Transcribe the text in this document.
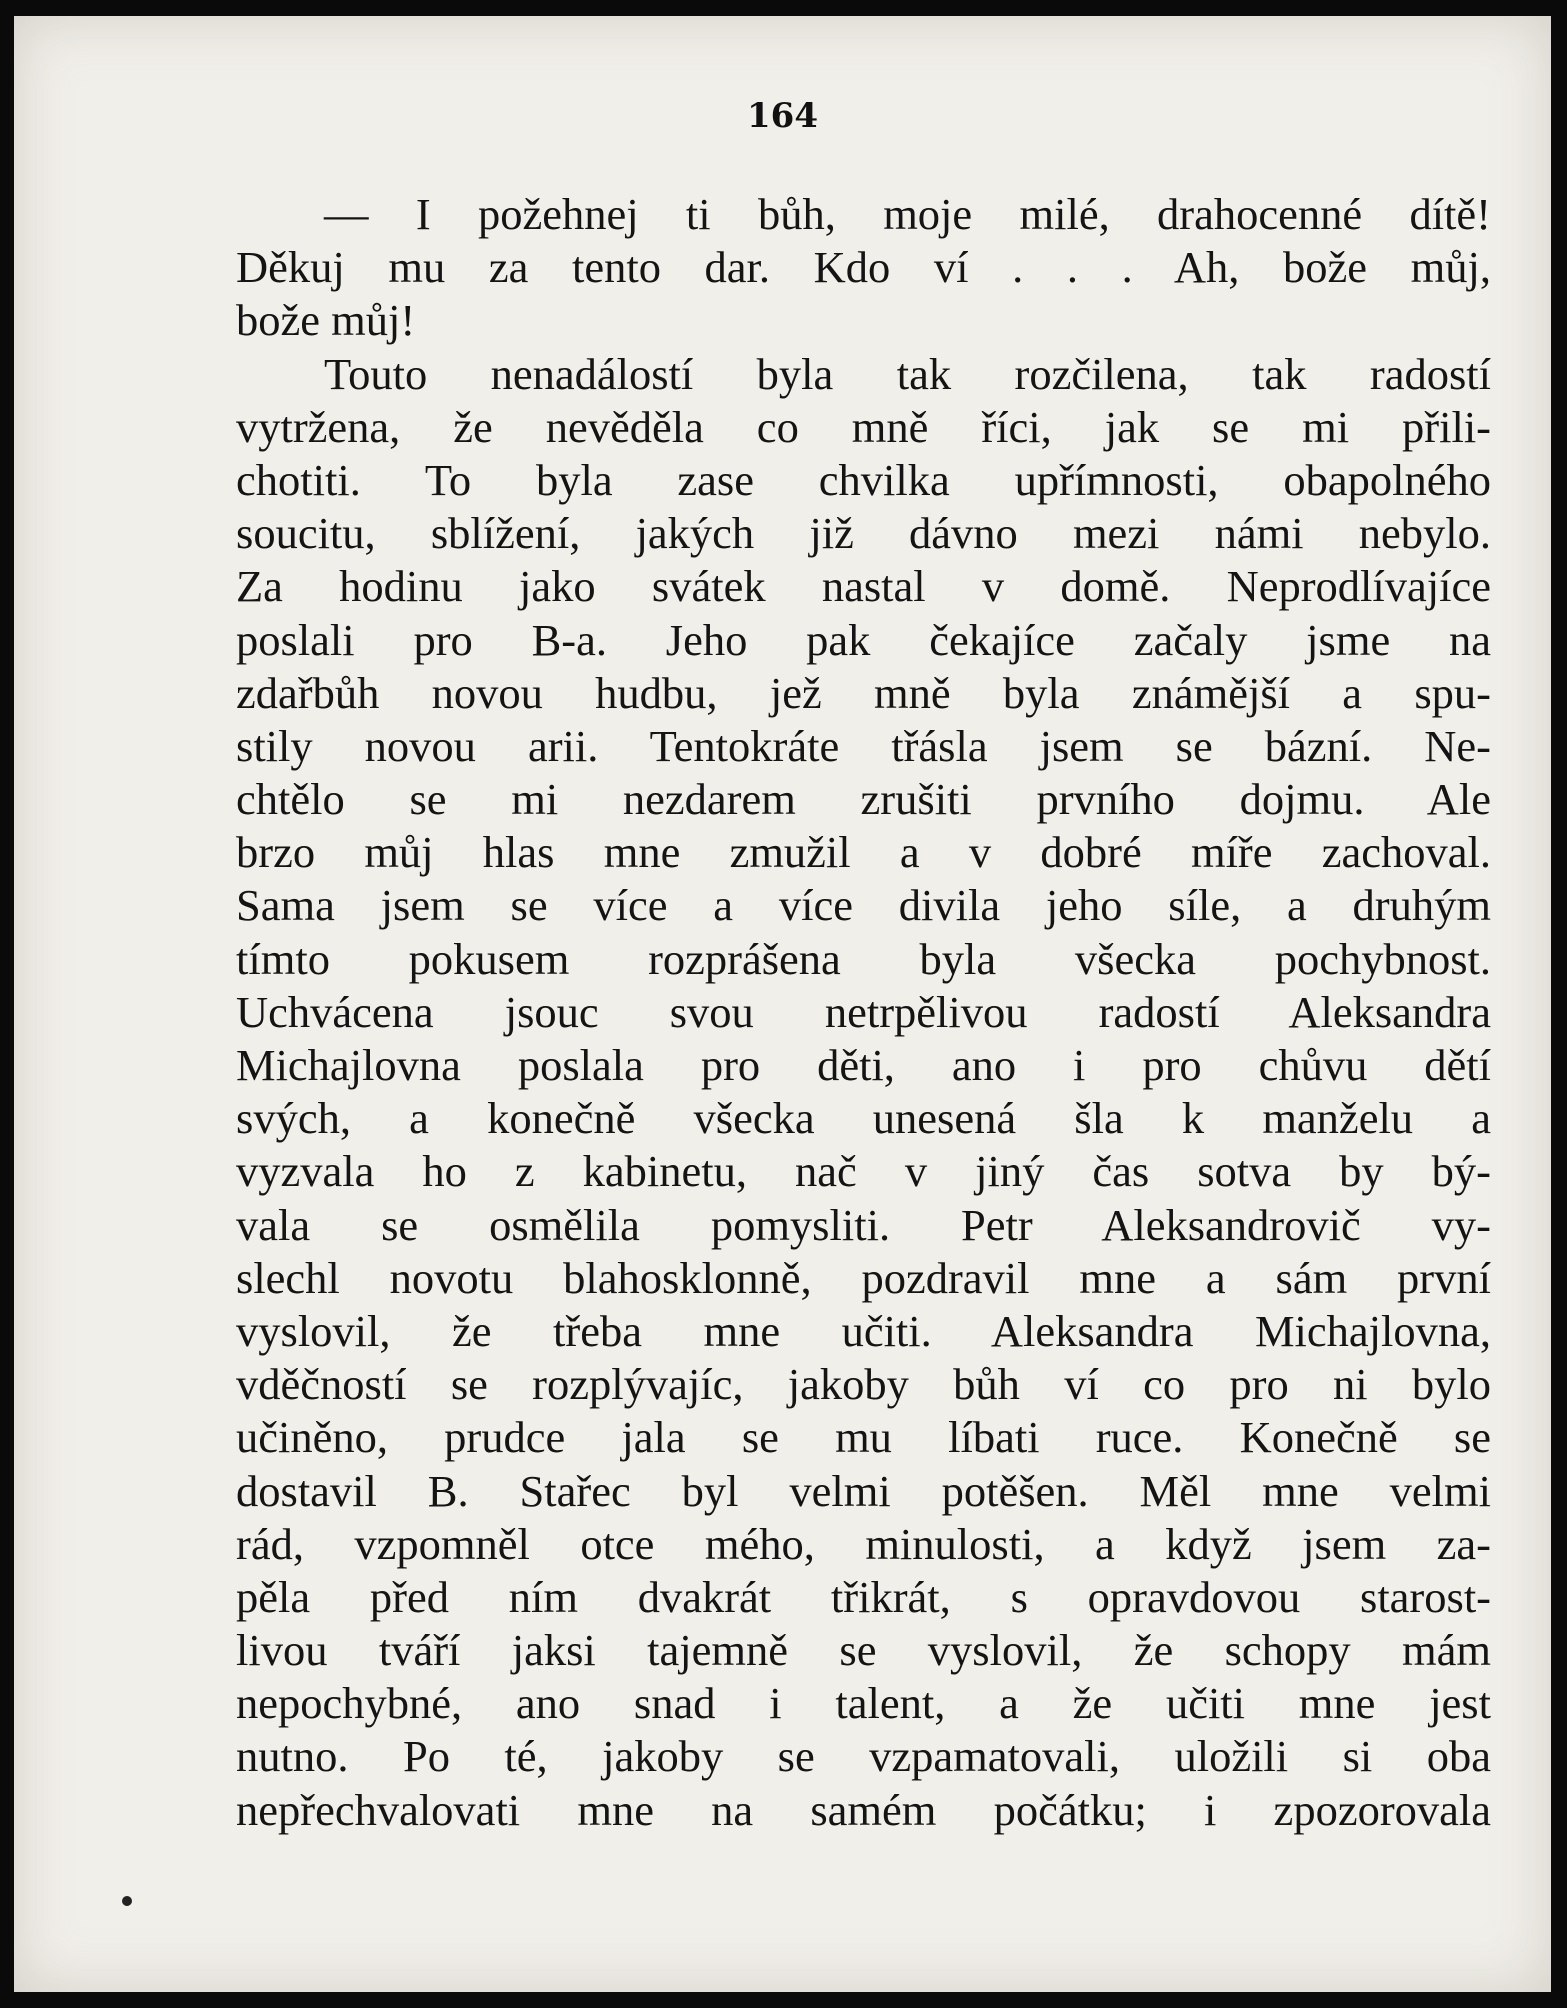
164
— I požehnej ti bůh, moje milé, drahocenné dítě!
Děkuj mu za tento dar. Kdo ví . . . Ah, bože můj,
bože můj!
Touto nenadálostí byla tak rozčilena, tak radostí
vytržena, že nevěděla co mně říci, jak se mi přili-
chotiti. To byla zase chvilka upřímnosti, obapolného
soucitu, sblížení, jakých již dávno mezi námi nebylo.
Za hodinu jako svátek nastal v domě. Neprodlívajíce
poslali pro B-a. Jeho pak čekajíce začaly jsme na
zdařbůh novou hudbu, jež mně byla známější a spu-
stily novou arii. Tentokráte třásla jsem se bázní. Ne-
chtělo se mi nezdarem zrušiti prvního dojmu. Ale
brzo můj hlas mne zmužil a v dobré míře zachoval.
Sama jsem se více a více divila jeho síle, a druhým
tímto pokusem rozprášena byla všecka pochybnost.
Uchvácena jsouc svou netrpělivou radostí Aleksandra
Michajlovna poslala pro děti, ano i pro chůvu dětí
svých, a konečně všecka unesená šla k manželu a
vyzvala ho z kabinetu, nač v jiný čas sotva by bý-
vala se osmělila pomysliti. Petr Aleksandrovič vy-
slechl novotu blahosklonně, pozdravil mne a sám první
vyslovil, že třeba mne učiti. Aleksandra Michajlovna,
vděčností se rozplývajíc, jakoby bůh ví co pro ni bylo
učiněno, prudce jala se mu líbati ruce. Konečně se
dostavil B. Stařec byl velmi potěšen. Měl mne velmi
rád, vzpomněl otce mého, minulosti, a když jsem za-
pěla před ním dvakrát třikrát, s opravdovou starost-
livou tváří jaksi tajemně se vyslovil, že schopy mám
nepochybné, ano snad i talent, a že učiti mne jest
nutno. Po té, jakoby se vzpamatovali, uložili si oba
nepřechvalovati mne na samém počátku; i zpozorovala
